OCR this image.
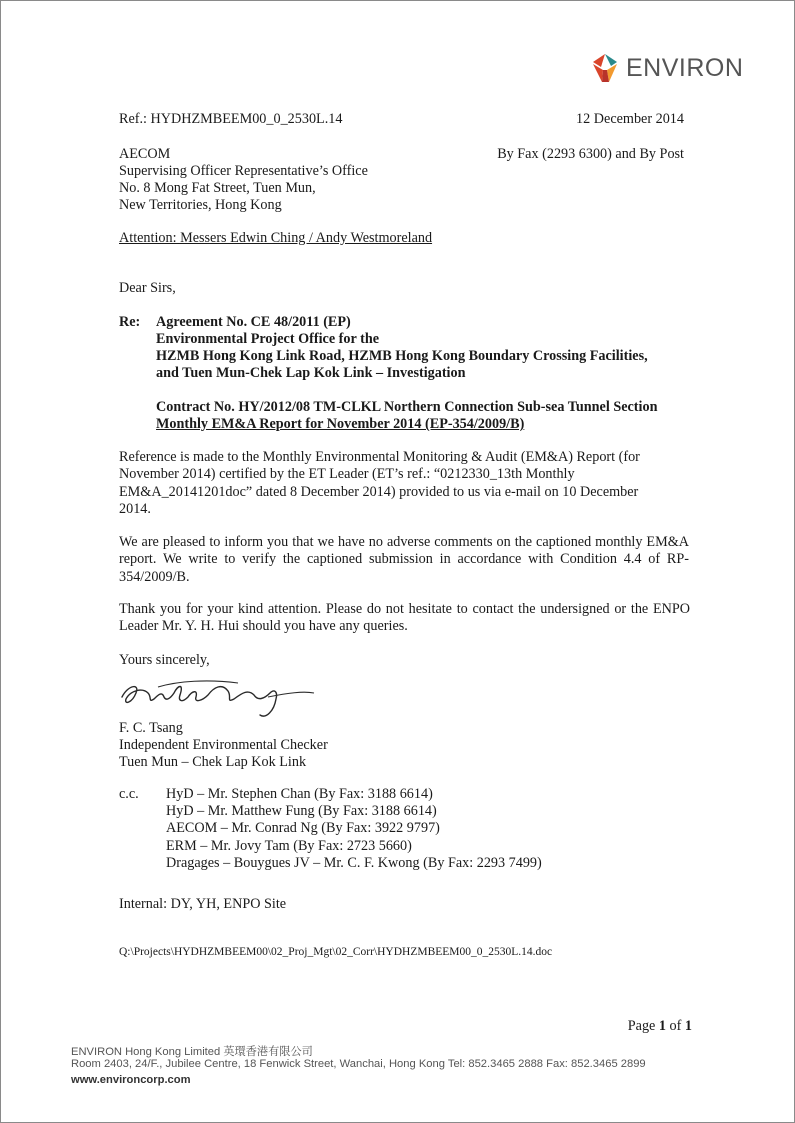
ENVIRON
Ref.: HYDHZMBEEM00_0_2530L.14	12 December 2014
By Fax (2293 6300) and By Post
AECOM
Supervising Officer Representative’s Office
No. 8 Mong Fat Street, Tuen Mun,
New Territories, Hong Kong
Attention: Messers Edwin Ching / Andy Westmoreland
Dear Sirs,
Re: Agreement No. CE 48/2011 (EP)
Environmental Project Office for the
HZMB Hong Kong Link Road, HZMB Hong Kong Boundary Crossing Facilities,
and Tuen Mun-Chek Lap Kok Link – Investigation
Contract No. HY/2012/08 TM-CLKL Northern Connection Sub-sea Tunnel Section
Monthly EM&A Report for November 2014 (EP-354/2009/B)
Reference is made to the Monthly Environmental Monitoring & Audit (EM&A) Report (for
November 2014) certified by the ET Leader (ET’s ref.: “0212330_13th Monthly
EM&A_20141201doc” dated 8 December 2014) provided to us via e-mail on 10 December
2014.
We are pleased to inform you that we have no adverse comments on the captioned monthly EM&A report. We write to verify the captioned submission in accordance with Condition 4.4 of RP-354/2009/B.
Thank you for your kind attention. Please do not hesitate to contact the undersigned or the ENPO Leader Mr. Y. H. Hui should you have any queries.
Yours sincerely,
F. C. Tsang
Independent Environmental Checker
Tuen Mun – Chek Lap Kok Link
c.c. HyD – Mr. Stephen Chan (By Fax: 3188 6614)
HyD – Mr. Matthew Fung (By Fax: 3188 6614)
AECOM – Mr. Conrad Ng (By Fax: 3922 9797)
ERM – Mr. Jovy Tam (By Fax: 2723 5660)
Dragages – Bouygues JV – Mr. C. F. Kwong (By Fax: 2293 7499)
Internal: DY, YH, ENPO Site
Q:\Projects\HYDHZMBEEM00\02_Proj_Mgt\02_Corr\HYDHZMBEEM00_0_2530L.14.doc
Page 1 of 1
ENVIRON Hong Kong Limited 英環香港有限公司
Room 2403, 24/F., Jubilee Centre, 18 Fenwick Street, Wanchai, Hong Kong Tel: 852.3465 2888 Fax: 852.3465 2899
www.environcorp.com
